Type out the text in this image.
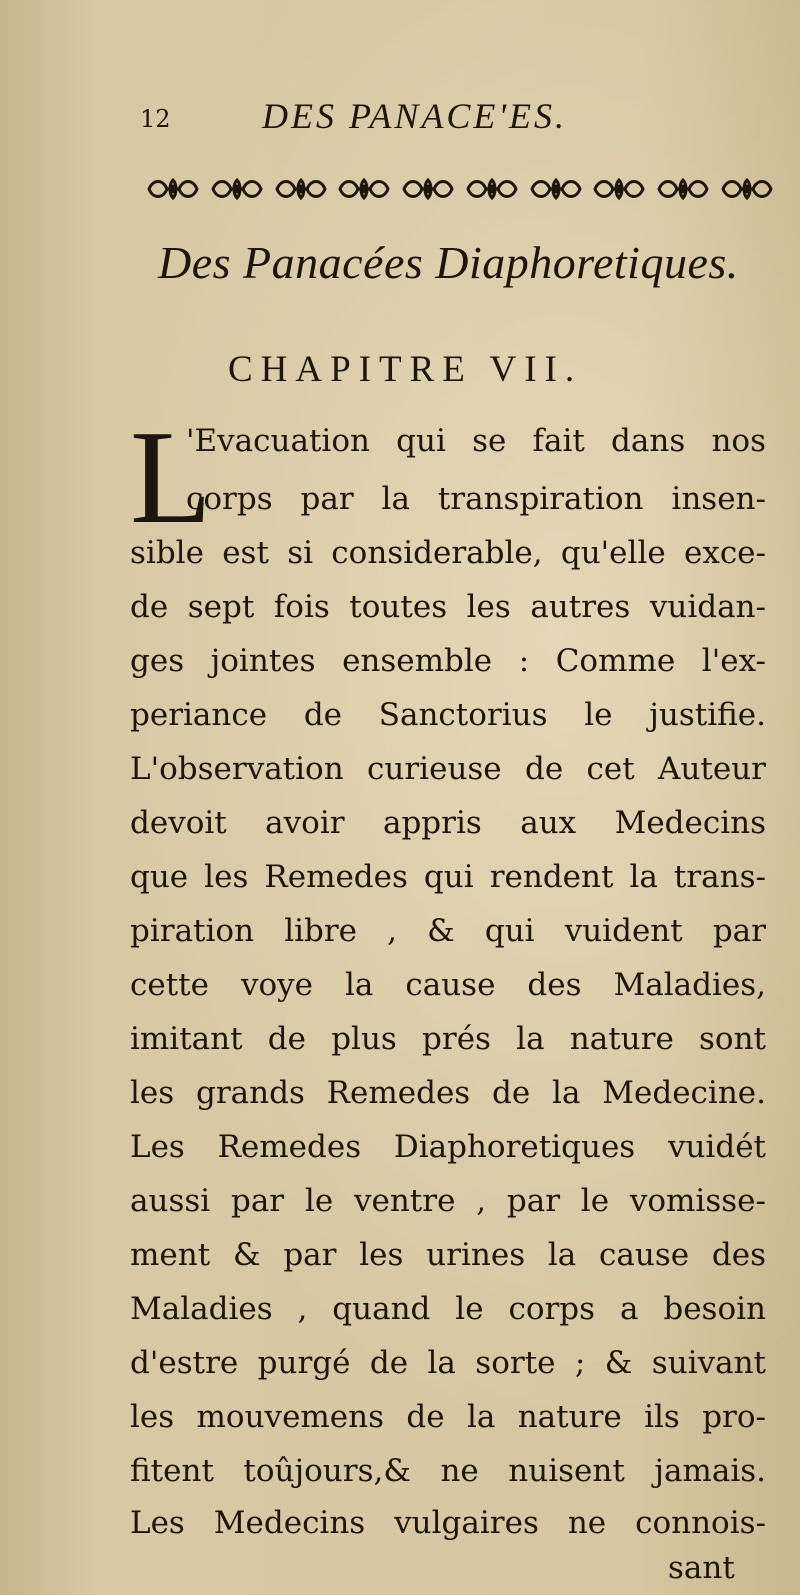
12	DES PANACE'ES.
Des Panacées Diaphoretiques.
CHAPITRE VII.
L
'Evacuation qui se fait dans nos
corps par la transpiration insen-
sible est si considerable, qu'elle exce-
de sept fois toutes les autres vuidan-
ges jointes ensemble : Comme l'ex-
periance de Sanctorius le justifie.
L'observation curieuse de cet Auteur
devoit avoir appris aux Medecins
que les Remedes qui rendent la trans-
piration libre , & qui vuident par
cette voye la cause des Maladies,
imitant de plus prés la nature sont
les grands Remedes de la Medecine.
Les Remedes Diaphoretiques vuidét
aussi par le ventre , par le vomisse-
ment & par les urines la cause des
Maladies , quand le corps a besoin
d'estre purgé de la sorte ; & suivant
les mouvemens de la nature ils pro-
fitent toûjours,& ne nuisent jamais.
Les Medecins vulgaires ne connois-
sant
